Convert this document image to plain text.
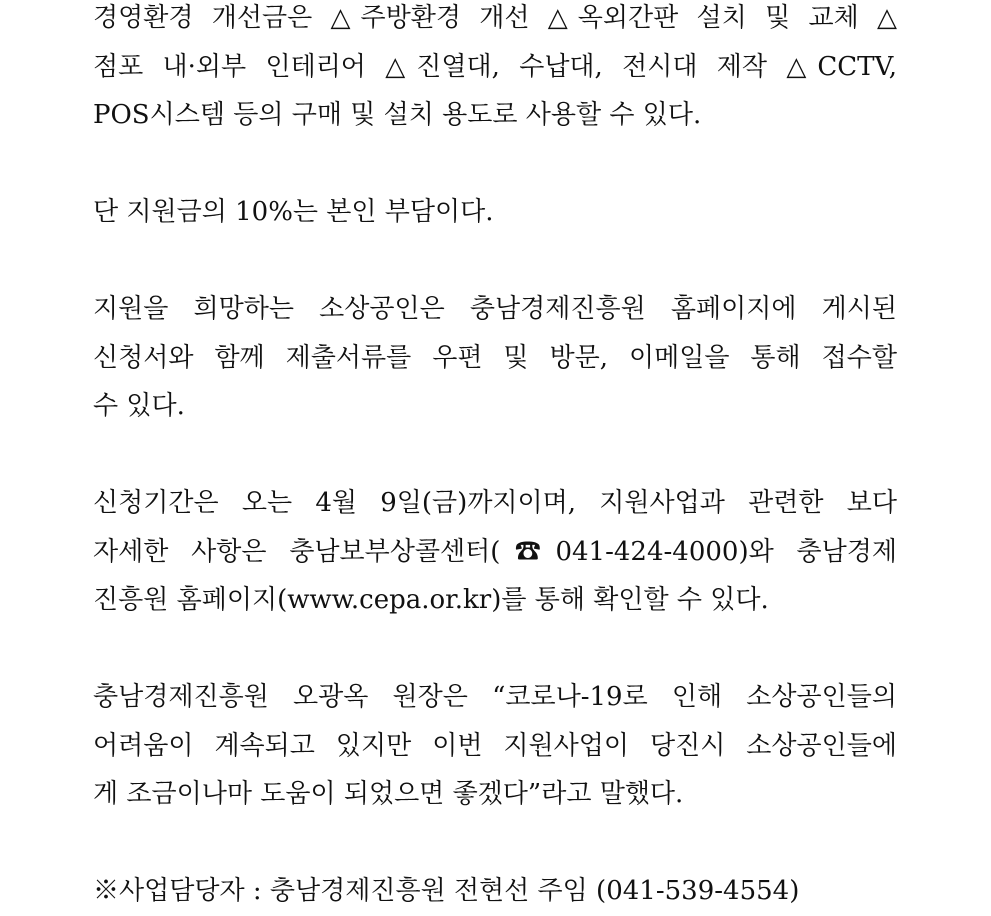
경영환경 개선금은 △주방환경 개선 △옥외간판 설치 및 교체 △
점포 내·외부 인테리어 △진열대, 수납대, 전시대 제작 △CCTV,
POS시스템 등의 구매 및 설치 용도로 사용할 수 있다.
단 지원금의 10%는 본인 부담이다.
지원을 희망하는 소상공인은 충남경제진흥원 홈페이지에 게시된
신청서와 함께 제출서류를 우편 및 방문, 이메일을 통해 접수할
수 있다.
신청기간은 오는 4월 9일(금)까지이며, 지원사업과 관련한 보다
자세한 사항은 충남보부상콜센터(☎041-424-4000)와 충남경제
진흥원 홈페이지(www.cepa.or.kr)를 통해 확인할 수 있다.
충남경제진흥원 오광옥 원장은 “코로나-19로 인해 소상공인들의
어려움이 계속되고 있지만 이번 지원사업이 당진시 소상공인들에
게 조금이나마 도움이 되었으면 좋겠다”라고 말했다.
※사업담당자 : 충남경제진흥원 전현선 주임 (041-539-4554)
